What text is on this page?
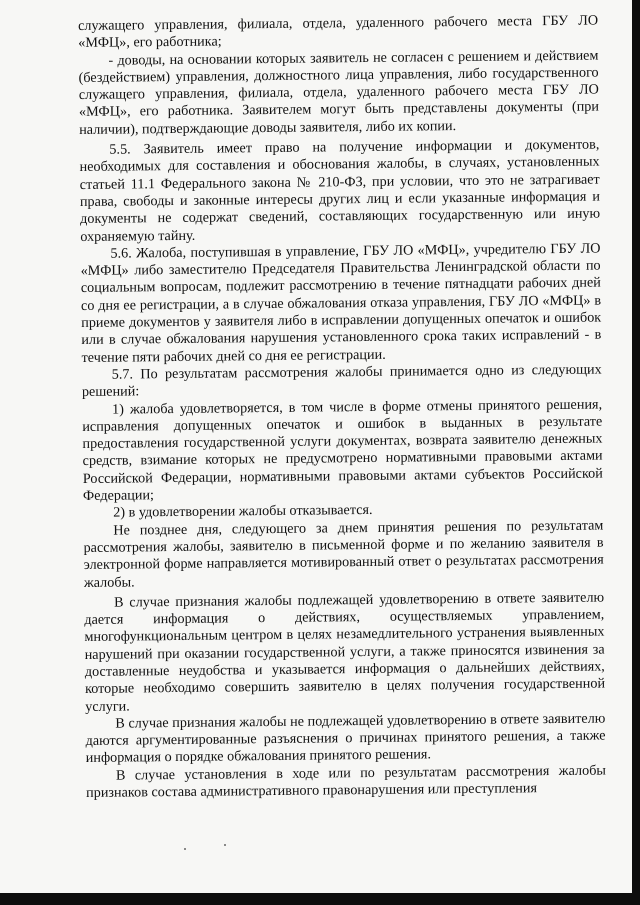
служащего управления, филиала, отдела, удаленного рабочего места ГБУ ЛО «МФЦ», его работника;

- доводы, на основании которых заявитель не согласен с решением и действием (бездействием) управления, должностного лица управления, либо государственного служащего управления, филиала, отдела, удаленного рабочего места ГБУ ЛО «МФЦ», его работника. Заявителем могут быть представлены документы (при наличии), подтверждающие доводы заявителя, либо их копии.

5.5. Заявитель имеет право на получение информации и документов, необходимых для составления и обоснования жалобы, в случаях, установленных статьей 11.1 Федерального закона № 210-ФЗ, при условии, что это не затрагивает права, свободы и законные интересы других лиц и если указанные информация и документы не содержат сведений, составляющих государственную или иную охраняемую тайну.

5.6. Жалоба, поступившая в управление, ГБУ ЛО «МФЦ», учредителю ГБУ ЛО «МФЦ» либо заместителю Председателя Правительства Ленинградской области по социальным вопросам, подлежит рассмотрению в течение пятнадцати рабочих дней со дня ее регистрации, а в случае обжалования отказа управления, ГБУ ЛО «МФЦ» в приеме документов у заявителя либо в исправлении допущенных опечаток и ошибок или в случае обжалования нарушения установленного срока таких исправлений - в течение пяти рабочих дней со дня ее регистрации.

5.7. По результатам рассмотрения жалобы принимается одно из следующих решений:

1) жалоба удовлетворяется, в том числе в форме отмены принятого решения, исправления допущенных опечаток и ошибок в выданных в результате предоставления государственной услуги документах, возврата заявителю денежных средств, взимание которых не предусмотрено нормативными правовыми актами Российской Федерации, нормативными правовыми актами субъектов Российской Федерации;

2) в удовлетворении жалобы отказывается.

Не позднее дня, следующего за днем принятия решения по результатам рассмотрения жалобы, заявителю в письменной форме и по желанию заявителя в электронной форме направляется мотивированный ответ о результатах рассмотрения жалобы.

В случае признания жалобы подлежащей удовлетворению в ответе заявителю дается информация о действиях, осуществляемых управлением, многофункциональным центром в целях незамедлительного устранения выявленных нарушений при оказании государственной услуги, а также приносятся извинения за доставленные неудобства и указывается информация о дальнейших действиях, которые необходимо совершить заявителю в целях получения государственной услуги.

В случае признания жалобы не подлежащей удовлетворению в ответе заявителю даются аргументированные разъяснения о причинах принятого решения, а также информация о порядке обжалования принятого решения.

В случае установления в ходе или по результатам рассмотрения жалобы признаков состава административного правонарушения или преступления
